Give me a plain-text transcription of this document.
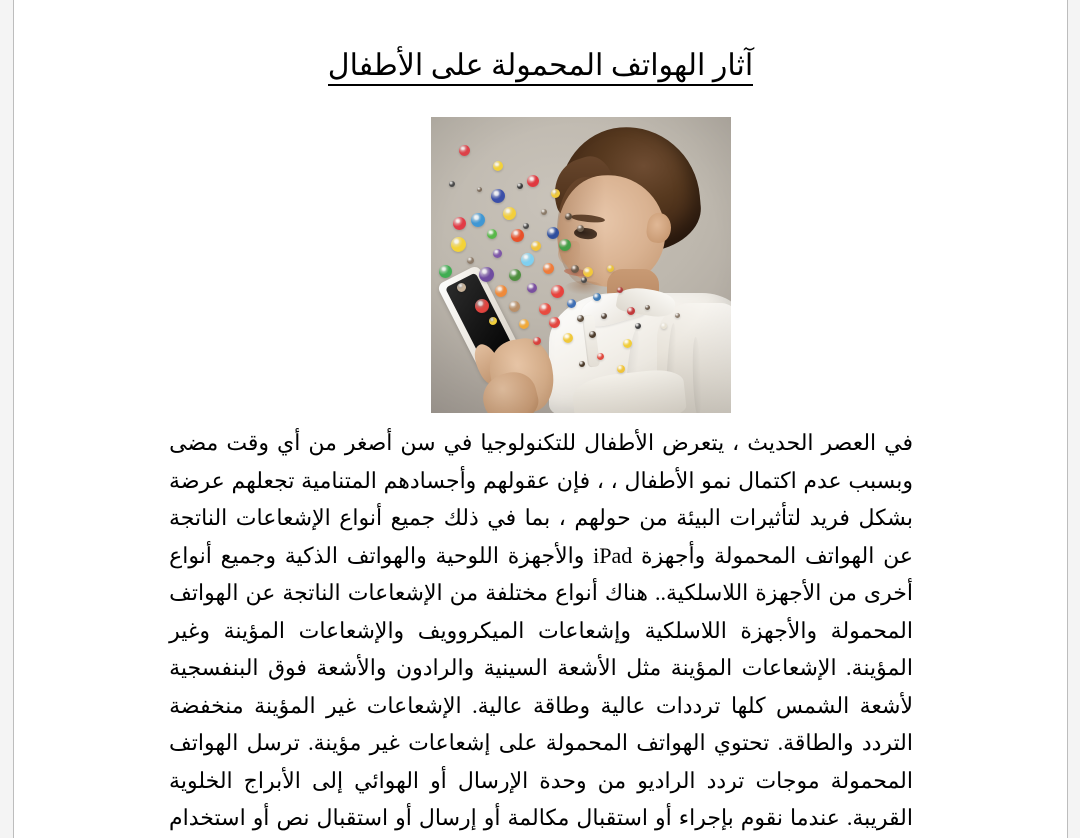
آثار الهواتف المحمولة على الأطفال

في
العصر
الحديث
،
يتعرض
الأطفال
للتكنولوجيا
في
سن
أصغر
من
أي
وقت
مضى

وبسبب
عدم
اكتمال
نمو
الأطفال
،
،
فإن
عقولهم
وأجسادهم
المتنامية
تجعلهم
عرضة

بشكل
فريد
لتأثيرات
البيئة
من
حولهم
،
بما
في
ذلك
جميع
أنواع
الإشعاعات
الناتجة

عن
الهواتف
المحمولة
وأجهزة
iPad
والأجهزة
اللوحية
والهواتف
الذكية
وجميع
أنواع

أخرى
من
الأجهزة
اللاسلكية..
هناك
أنواع
مختلفة
من
الإشعاعات
الناتجة
عن
الهواتف

المحمولة
والأجهزة
اللاسلكية
وإشعاعات
الميكروويف
والإشعاعات
المؤينة
وغير

المؤينة.
الإشعاعات
المؤينة
مثل
الأشعة
السينية
والرادون
والأشعة
فوق
البنفسجية

لأشعة
الشمس
كلها
ترددات
عالية
وطاقة
عالية.
الإشعاعات
غير
المؤينة
منخفضة

التردد
والطاقة.
تحتوي
الهواتف
المحمولة
على
إشعاعات
غير
مؤينة.
ترسل
الهواتف

المحمولة
موجات
تردد
الراديو
من
وحدة
الإرسال
أو
الهوائي
إلى
الأبراج
الخلوية

القريبة.
عندما
نقوم
بإجراء
أو
استقبال
مكالمة
أو
إرسال
أو
استقبال
نص
أو
استخدام
